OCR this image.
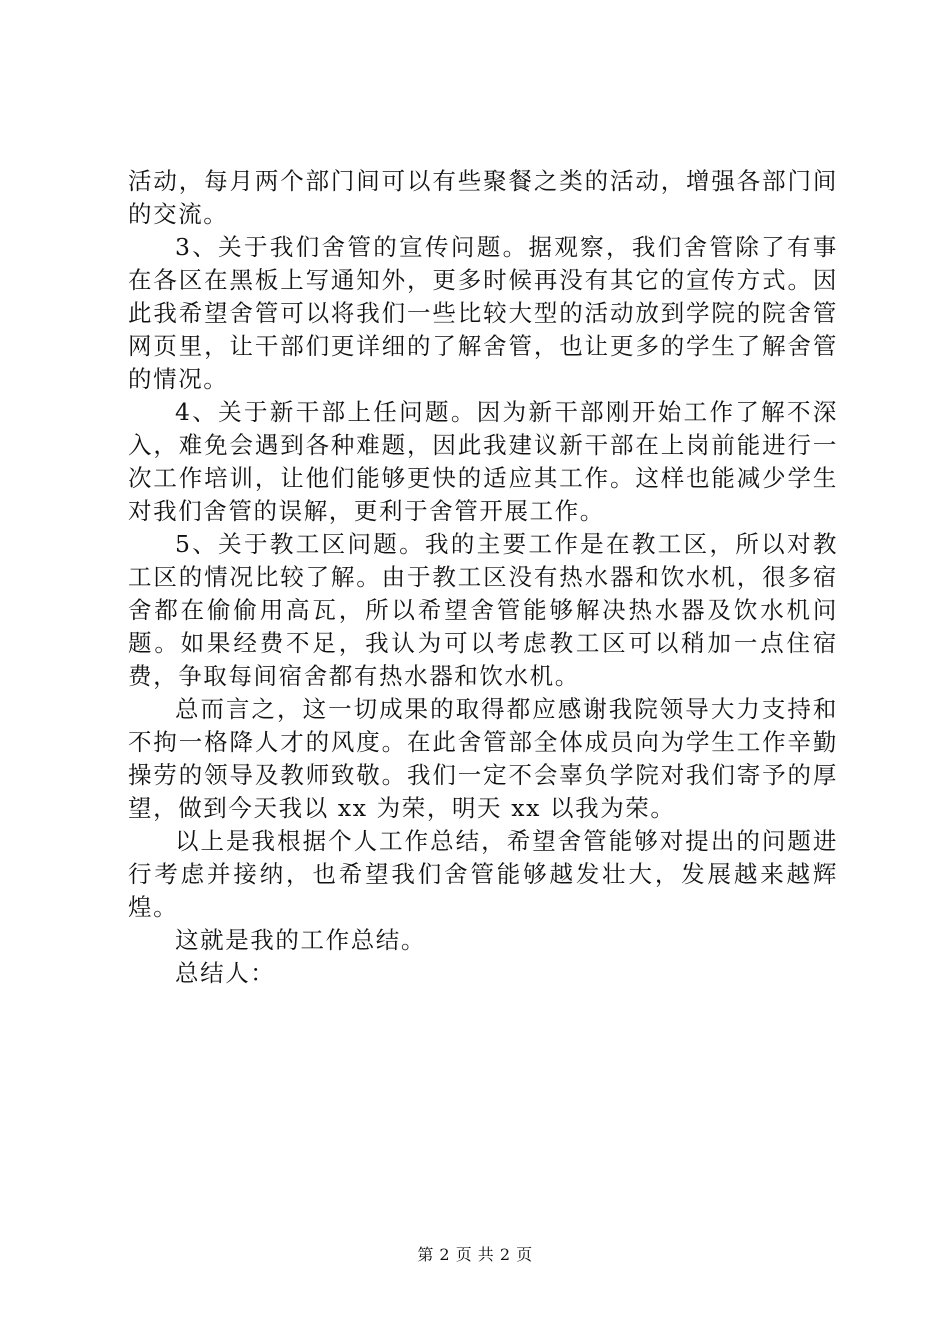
活动，每月两个部门间可以有些聚餐之类的活动，增强各部门间的交流。

3、关于我们舍管的宣传问题。据观察，我们舍管除了有事在各区在黑板上写通知外，更多时候再没有其它的宣传方式。因此我希望舍管可以将我们一些比较大型的活动放到学院的院舍管网页里，让干部们更详细的了解舍管，也让更多的学生了解舍管的情况。

4、关于新干部上任问题。因为新干部刚开始工作了解不深入，难免会遇到各种难题，因此我建议新干部在上岗前能进行一次工作培训，让他们能够更快的适应其工作。这样也能减少学生对我们舍管的误解，更利于舍管开展工作。

5、关于教工区问题。我的主要工作是在教工区，所以对教工区的情况比较了解。由于教工区没有热水器和饮水机，很多宿舍都在偷偷用高瓦，所以希望舍管能够解决热水器及饮水机问题。如果经费不足，我认为可以考虑教工区可以稍加一点住宿费，争取每间宿舍都有热水器和饮水机。

总而言之，这一切成果的取得都应感谢我院领导大力支持和不拘一格降人才的风度。在此舍管部全体成员向为学生工作辛勤操劳的领导及教师致敬。我们一定不会辜负学院对我们寄予的厚望，做到今天我以 xx 为荣，明天 xx 以我为荣。

以上是我根据个人工作总结，希望舍管能够对提出的问题进行考虑并接纳，也希望我们舍管能够越发壮大，发展越来越辉煌。

这就是我的工作总结。

总结人：

第 2 页 共 2 页
